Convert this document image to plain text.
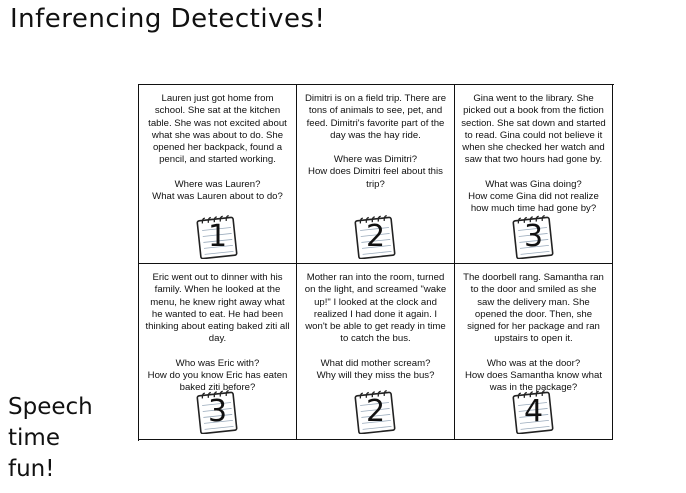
Inferencing Detectives!
Speech
time
fun!

Lauren just got home from school. She sat at the kitchen table. She was not excited about what she was about to do. She opened her backpack, found a pencil, and started working.

Where was Lauren?
What was Lauren about to do?

1

Dimitri is on a field trip. There are tons of animals to see, pet, and feed. Dimitri's favorite part of the day was the hay ride.

Where was Dimitri?
How does Dimitri feel about this trip?

2

Gina went to the library. She picked out a book from the fiction section. She sat down and started to read. Gina could not believe it when she checked her watch and saw that two hours had gone by.

What was Gina doing?
How come Gina did not realize how much time had gone by?

3

Eric went out to dinner with his family. When he looked at the menu, he knew right away what he wanted to eat. He had been thinking about eating baked ziti all day.

Who was Eric with?
How do you know Eric has eaten baked ziti before?

3

Mother ran into the room, turned on the light, and screamed "wake up!" I looked at the clock and realized I had done it again. I won't be able to get ready in time to catch the bus.

What did mother scream?
Why will they miss the bus?

2

The doorbell rang. Samantha ran to the door and smiled as she saw the delivery man. She opened the door. Then, she signed for her package and ran upstairs to open it.

Who was at the door?
How does Samantha know what was in the package?

4
